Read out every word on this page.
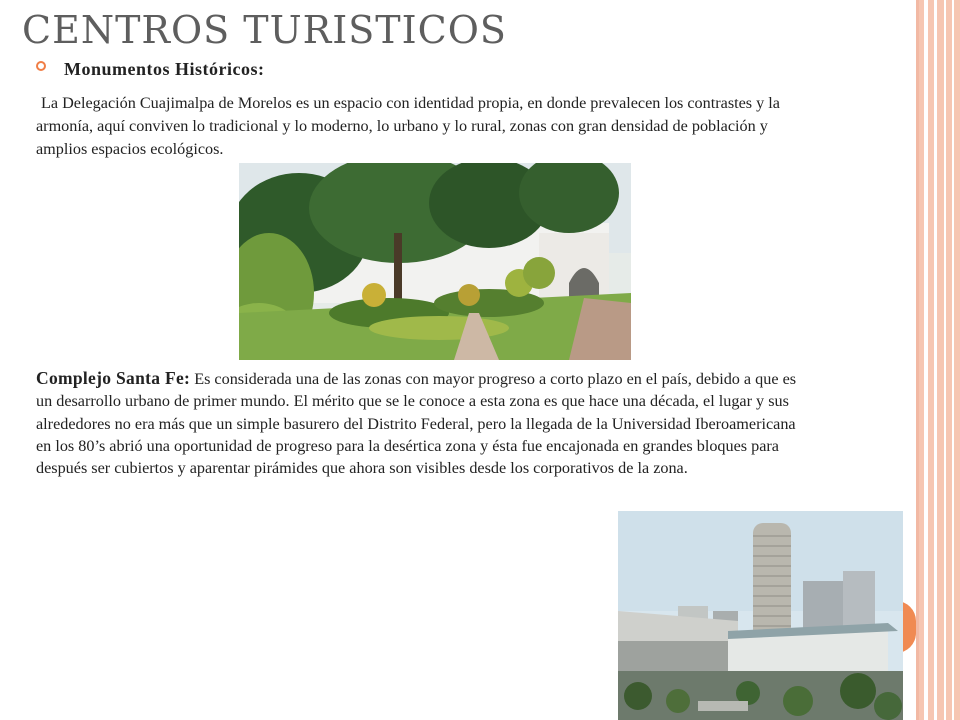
CENTROS TURISTICOS
Monumentos Históricos:
La Delegación Cuajimalpa de Morelos es un espacio con identidad propia, en donde prevalecen los contrastes y la armonía, aquí conviven lo tradicional y lo moderno, lo urbano y lo rural, zonas con gran densidad de población y amplios espacios ecológicos.
Complejo Santa Fe: Es considerada una de las zonas con mayor progreso a corto plazo en el país, debido a que es un desarrollo urbano de primer mundo. El mérito que se le conoce a esta zona es que hace una década, el lugar y sus alrededores no era más que un simple basurero del Distrito Federal, pero la llegada de la Universidad Iberoamericana en los 80’s abrió una oportunidad de progreso para la desértica zona y ésta fue encajonada en grandes bloques para después ser cubiertos y aparentar pirámides que ahora son visibles desde los corporativos de la zona.
